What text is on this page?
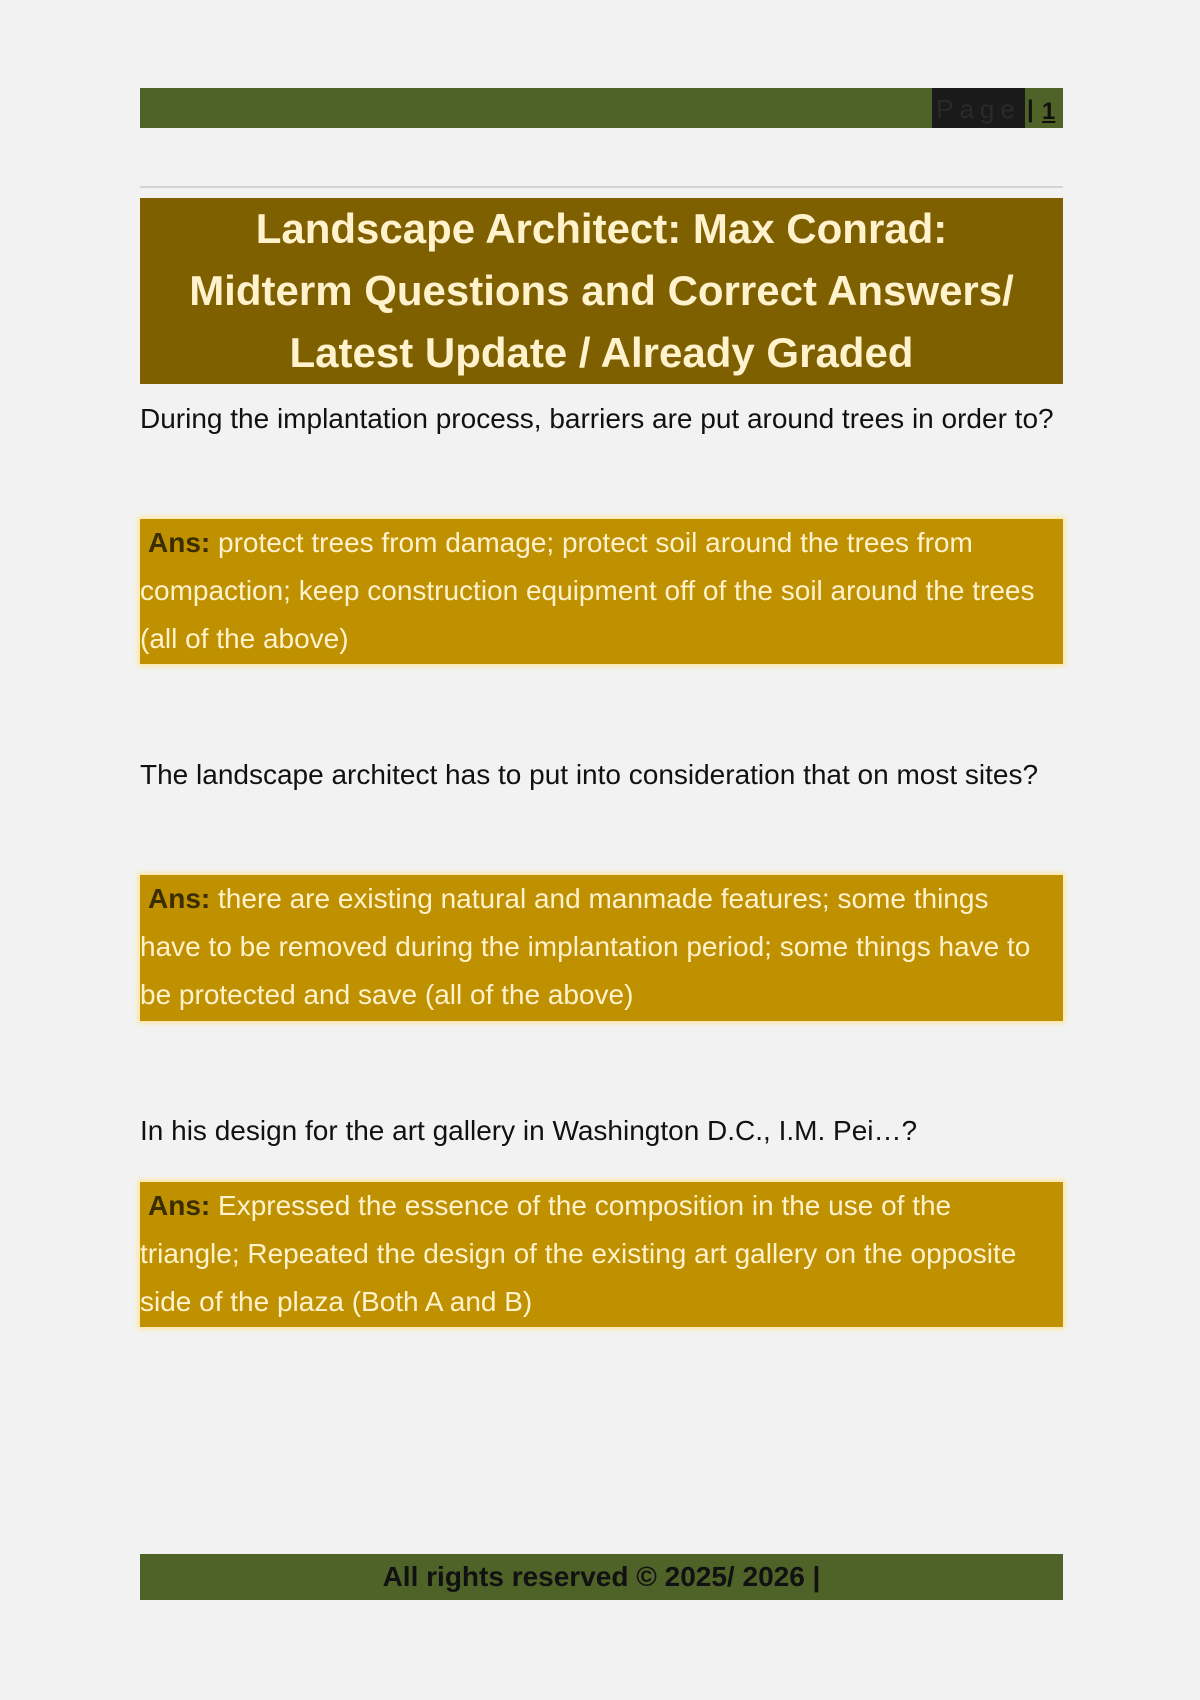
Page | 1
Landscape Architect: Max Conrad:
Midterm Questions and Correct Answers/
Latest Update / Already Graded
During the implantation process, barriers are put around trees in order to?
Ans: protect trees from damage; protect soil around the trees from compaction; keep construction equipment off of the soil around the trees (all of the above)
The landscape architect has to put into consideration that on most sites?
Ans: there are existing natural and manmade features; some things have to be removed during the implantation period; some things have to be protected and save (all of the above)
In his design for the art gallery in Washington D.C., I.M. Pei…?
Ans: Expressed the essence of the composition in the use of the triangle; Repeated the design of the existing art gallery on the opposite side of the plaza (Both A and B)
All rights reserved © 2025/ 2026 |
